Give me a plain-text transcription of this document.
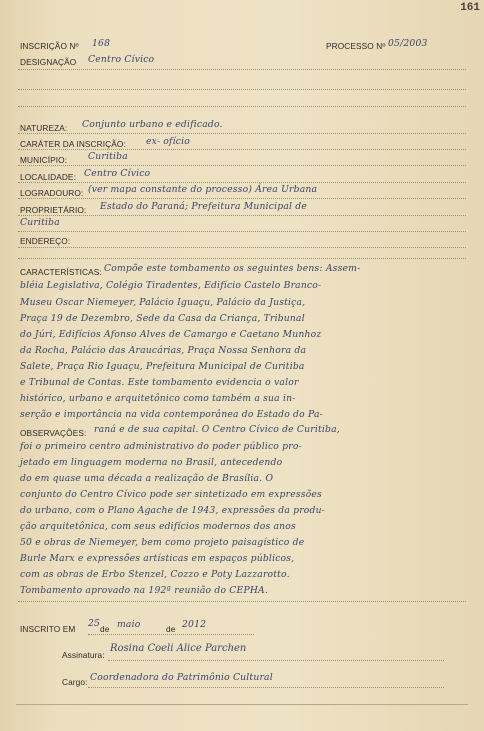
161
INSCRIÇÃO Nº 168	PROCESSO Nº 05/2003
DESIGNAÇÃO Centro Cívico
NATUREZA: Conjunto urbano e edificado.
CARÁTER DA INSCRIÇÃO: ex- ofício
MUNICÍPIO: Curitiba
LOCALIDADE: Centro Cívico
LOGRADOURO: (ver mapa constante do processo) Área Urbana
PROPRIETÁRIO: Estado do Paraná; Prefeitura Municipal de
Curitiba
ENDEREÇO:
CARACTERÍSTICAS: Compõe este tombamento os seguintes bens: Assem-
bléia Legislativa, Colégio Tiradentes, Edifício Castelo Branco-
Museu Oscar Niemeyer, Palácio Iguaçu, Palácio da Justiça,
Praça 19 de Dezembro, Sede da Casa da Criança, Tribunal
do Júri, Edifícios Afonso Alves de Camargo e Caetano Munhoz
da Rocha, Palácio das Araucárias, Praça Nossa Senhora da
Salete, Praça Rio Iguaçu, Prefeitura Municipal de Curitiba
e Tribunal de Contas. Este tombamento evidencia o valor
histórico, urbano e arquitetônico como também a sua in-
serção e importância na vida contemporânea do Estado do Pa-
OBSERVAÇÕES: raná e de sua capital. O Centro Cívico de Curitiba,
foi o primeiro centro administrativo do poder público pro-
jetado em linguagem moderna no Brasil, antecedendo
do em quase uma década a realização de Brasília. O
conjunto do Centro Cívico pode ser sintetizado em expressões
do urbano, com o Plano Agache de 1943, expressões da produ-
ção arquitetônica, com seus edifícios modernos dos anos
50 e obras de Niemeyer, bem como projeto paisagístico de
Burle Marx e expressões artísticas em espaços públicos,
com as obras de Erbo Stenzel, Cozzo e Poty Lazzarotto.
Tombamento aprovado na 192ª reunião do CEPHA.
INSCRITO EM 25 de maio	de 2012
Assinatura:
Rosina Coeli Alice Parchen
Cargo: Coordenadora do Patrimônio Cultural
